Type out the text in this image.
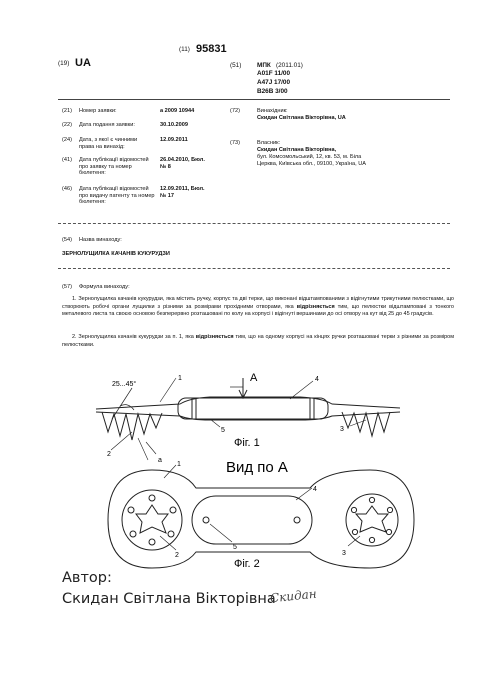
(11) 95831
(19) UA	(51) МПК (2011.01)
A01F 11/00
A47J 17/00
B26B 3/00
(21) Номер заявки:	a 2009 10944
(22) Дата подання заявки:	30.10.2009
(24) Дата, з якої є чинними права на винахід:
12.09.2011
(41) Дата публікації відомостей про заявку та номер бюлетеня:
26.04.2010, Бюл.№ 8
(46) Дата публікації відомостей про видачу патенту та номер бюлетеня:
12.09.2011, Бюл. № 17
(72)	Винахідник:
Скидан Світлана Вікторівна, UA
(73)	Власник:
Скидан Світлана Вікторівна,
бул. Комсомольський, 12, кв. 53, м. Біла Церква, Київська обл., 09100, Україна, UA
(54) Назва винаходу:
ЗЕРНОЛУЩИЛКА КАЧАНІВ КУКУРУДЗИ
(57) Формула винаходу:
1. Зернолущилка качанів кукурудзи, яка містить ручку, корпус та дві терки, що виконані відштампованими з відігнутими трикутними пелюстками, що створюють робочі органи лущилки з різними за розмірами прохідними отворами, яка відрізняється тим, що пелюстки відштамповані з тонкого металевого листа та своєю основою безперервно розташовані по колу на корпусі і відігнуті вершинами до осі отвору на кут від 25 до 45 градусів.
2. Зернолущилка качанів кукурудзи за п. 1, яка відрізняється тим, що на одному корпусі на кінцях ручки розташовані терки з різними за розміром пелюстками.
25...45°
a
A
1
2
3
4
5
Фіг. 1
Вид по А
1
2	3
4
5
Фіг. 2
Автор:
Скидан Світлана Вікторівна
Скидан
